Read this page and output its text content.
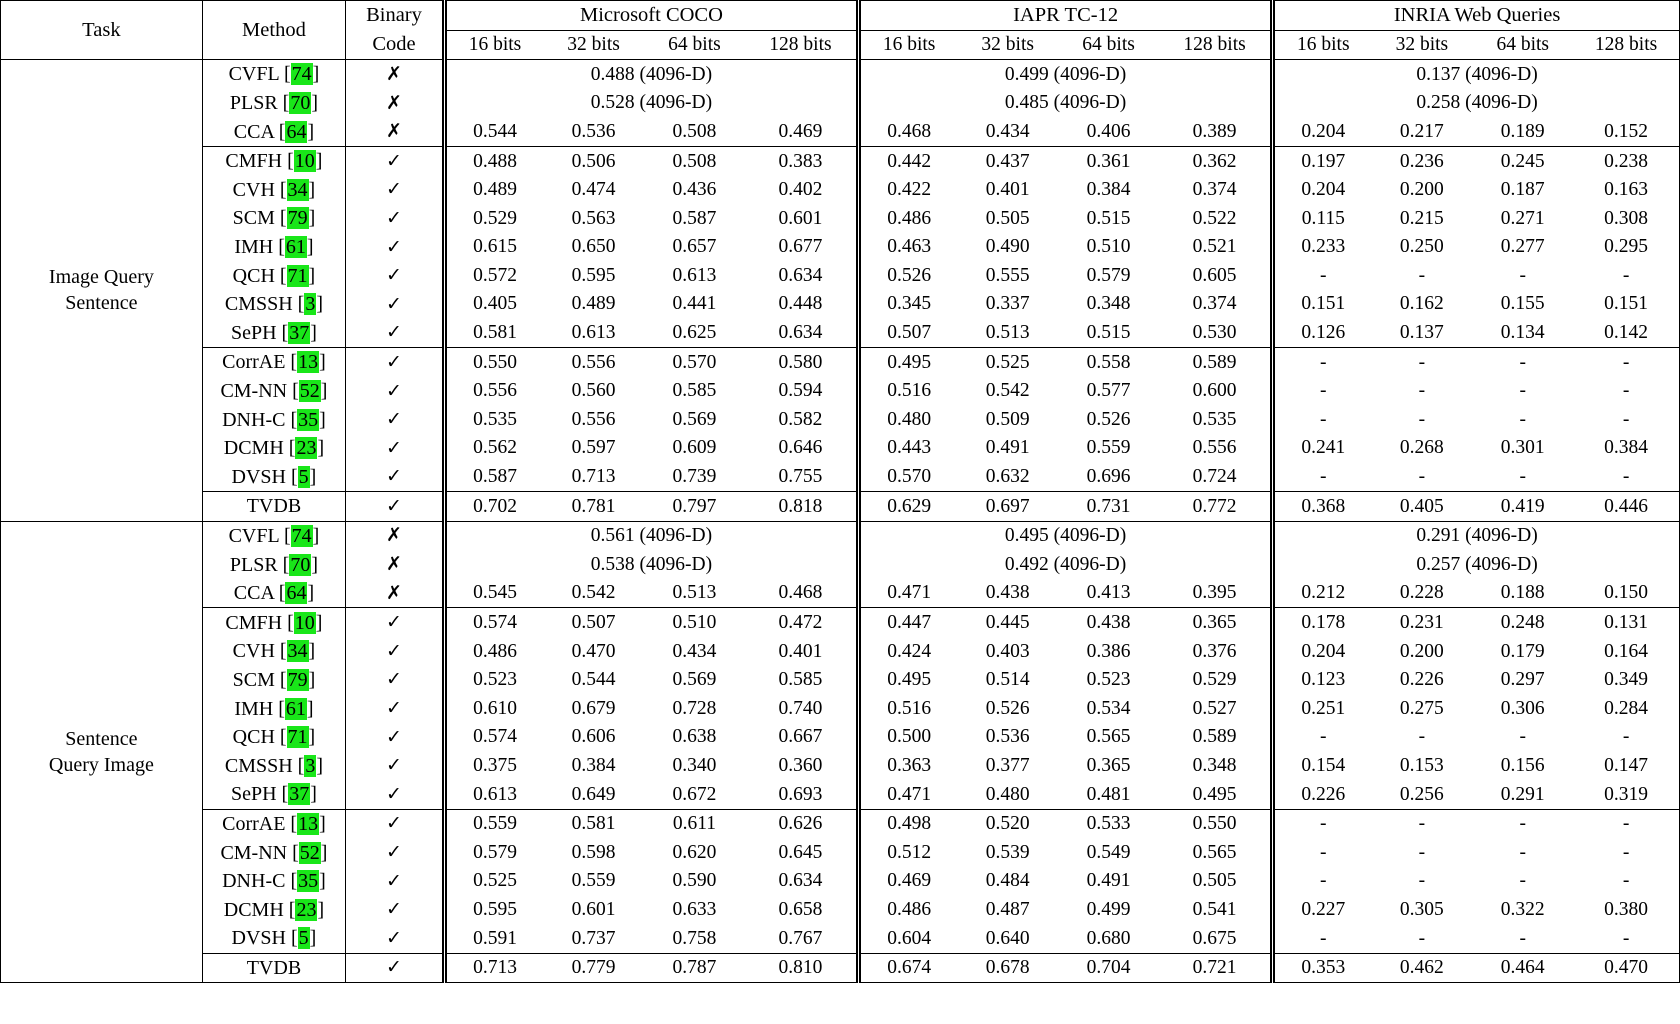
Task	Method	Binary	Microsoft COCO				IAPR TC-12				INRIA Web Queries			
		Code	16 bits	32 bits	64 bits	128 bits	16 bits	32 bits	64 bits	128 bits	16 bits	32 bits	64 bits	128 bits

Image Query
Sentence	CVFL [74]	✗	0.488 (4096-D)				0.499 (4096-D)				0.137 (4096-D)			
	PLSR [70]	✗	0.528 (4096-D)				0.485 (4096-D)				0.258 (4096-D)			
	CCA [64]	✗	0.544	0.536	0.508	0.469	0.468	0.434	0.406	0.389	0.204	0.217	0.189	0.152
	CMFH [10]	✓	0.488	0.506	0.508	0.383	0.442	0.437	0.361	0.362	0.197	0.236	0.245	0.238
	CVH [34]	✓	0.489	0.474	0.436	0.402	0.422	0.401	0.384	0.374	0.204	0.200	0.187	0.163
	SCM [79]	✓	0.529	0.563	0.587	0.601	0.486	0.505	0.515	0.522	0.115	0.215	0.271	0.308
	IMH [61]	✓	0.615	0.650	0.657	0.677	0.463	0.490	0.510	0.521	0.233	0.250	0.277	0.295
	QCH [71]	✓	0.572	0.595	0.613	0.634	0.526	0.555	0.579	0.605	-	-	-	-
	CMSSH [3]	✓	0.405	0.489	0.441	0.448	0.345	0.337	0.348	0.374	0.151	0.162	0.155	0.151
	SePH [37]	✓	0.581	0.613	0.625	0.634	0.507	0.513	0.515	0.530	0.126	0.137	0.134	0.142
	CorrAE [13]	✓	0.550	0.556	0.570	0.580	0.495	0.525	0.558	0.589	-	-	-	-
	CM-NN [52]	✓	0.556	0.560	0.585	0.594	0.516	0.542	0.577	0.600	-	-	-	-
	DNH-C [35]	✓	0.535	0.556	0.569	0.582	0.480	0.509	0.526	0.535	-	-	-	-
	DCMH [23]	✓	0.562	0.597	0.609	0.646	0.443	0.491	0.559	0.556	0.241	0.268	0.301	0.384
	DVSH [5]	✓	0.587	0.713	0.739	0.755	0.570	0.632	0.696	0.724	-	-	-	-
	TVDB	✓	0.702	0.781	0.797	0.818	0.629	0.697	0.731	0.772	0.368	0.405	0.419	0.446

Sentence
Query Image	CVFL [74]	✗	0.561 (4096-D)				0.495 (4096-D)				0.291 (4096-D)			
	PLSR [70]	✗	0.538 (4096-D)				0.492 (4096-D)				0.257 (4096-D)			
	CCA [64]	✗	0.545	0.542	0.513	0.468	0.471	0.438	0.413	0.395	0.212	0.228	0.188	0.150
	CMFH [10]	✓	0.574	0.507	0.510	0.472	0.447	0.445	0.438	0.365	0.178	0.231	0.248	0.131
	CVH [34]	✓	0.486	0.470	0.434	0.401	0.424	0.403	0.386	0.376	0.204	0.200	0.179	0.164
	SCM [79]	✓	0.523	0.544	0.569	0.585	0.495	0.514	0.523	0.529	0.123	0.226	0.297	0.349
	IMH [61]	✓	0.610	0.679	0.728	0.740	0.516	0.526	0.534	0.527	0.251	0.275	0.306	0.284
	QCH [71]	✓	0.574	0.606	0.638	0.667	0.500	0.536	0.565	0.589	-	-	-	-
	CMSSH [3]	✓	0.375	0.384	0.340	0.360	0.363	0.377	0.365	0.348	0.154	0.153	0.156	0.147
	SePH [37]	✓	0.613	0.649	0.672	0.693	0.471	0.480	0.481	0.495	0.226	0.256	0.291	0.319
	CorrAE [13]	✓	0.559	0.581	0.611	0.626	0.498	0.520	0.533	0.550	-	-	-	-
	CM-NN [52]	✓	0.579	0.598	0.620	0.645	0.512	0.539	0.549	0.565	-	-	-	-
	DNH-C [35]	✓	0.525	0.559	0.590	0.634	0.469	0.484	0.491	0.505	-	-	-	-
	DCMH [23]	✓	0.595	0.601	0.633	0.658	0.486	0.487	0.499	0.541	0.227	0.305	0.322	0.380
	DVSH [5]	✓	0.591	0.737	0.758	0.767	0.604	0.640	0.680	0.675	-	-	-	-
	TVDB	✓	0.713	0.779	0.787	0.810	0.674	0.678	0.704	0.721	0.353	0.462	0.464	0.470
